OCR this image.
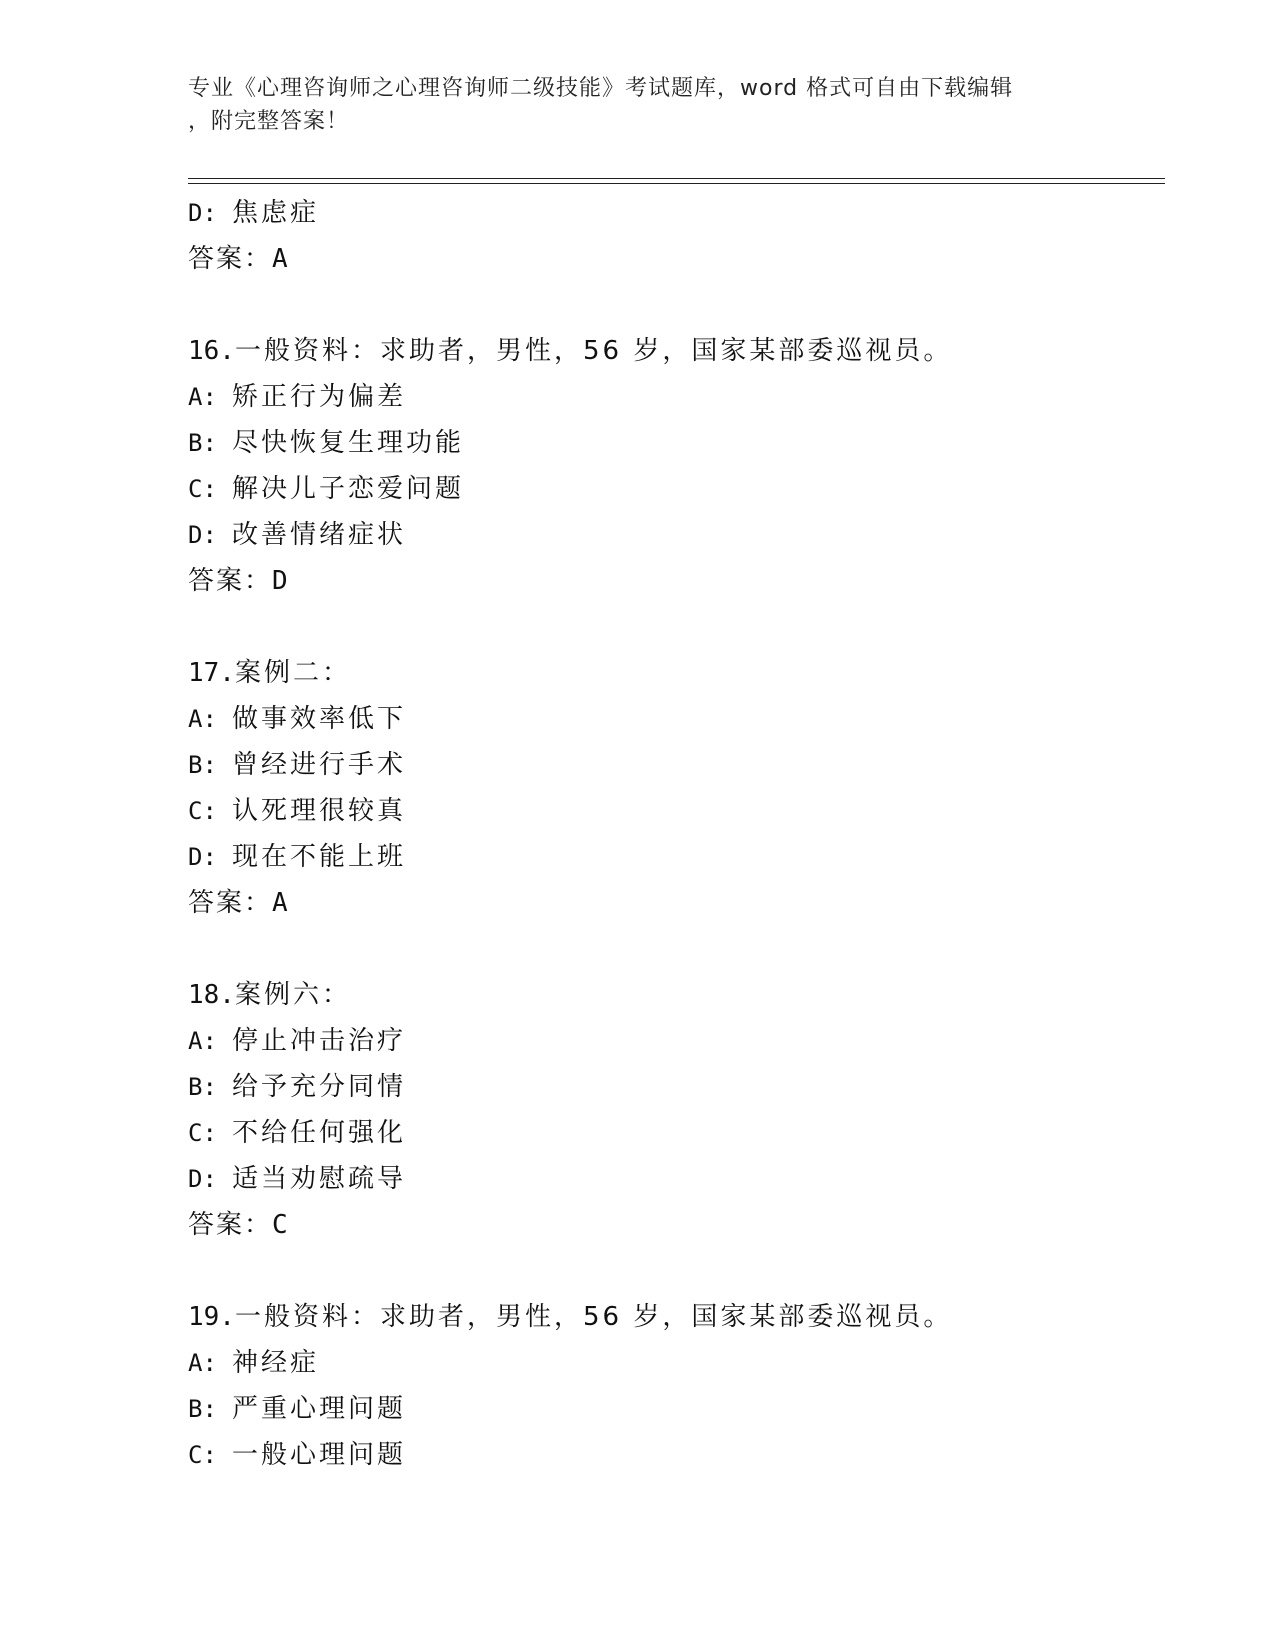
专业《心理咨询师之心理咨询师二级技能》考试题库，word 格式可自由下载编辑
，附完整答案！
D: 焦虑症
答案：A
16.一般资料：求助者，男性，56 岁，国家某部委巡视员。
A: 矫正行为偏差
B: 尽快恢复生理功能
C: 解决儿子恋爱问题
D: 改善情绪症状
答案：D
17.案例二：
A: 做事效率低下
B: 曾经进行手术
C: 认死理很较真
D: 现在不能上班
答案：A
18.案例六：
A: 停止冲击治疗
B: 给予充分同情
C: 不给任何强化
D: 适当劝慰疏导
答案：C
19.一般资料：求助者，男性，56 岁，国家某部委巡视员。
A: 神经症
B: 严重心理问题
C: 一般心理问题
